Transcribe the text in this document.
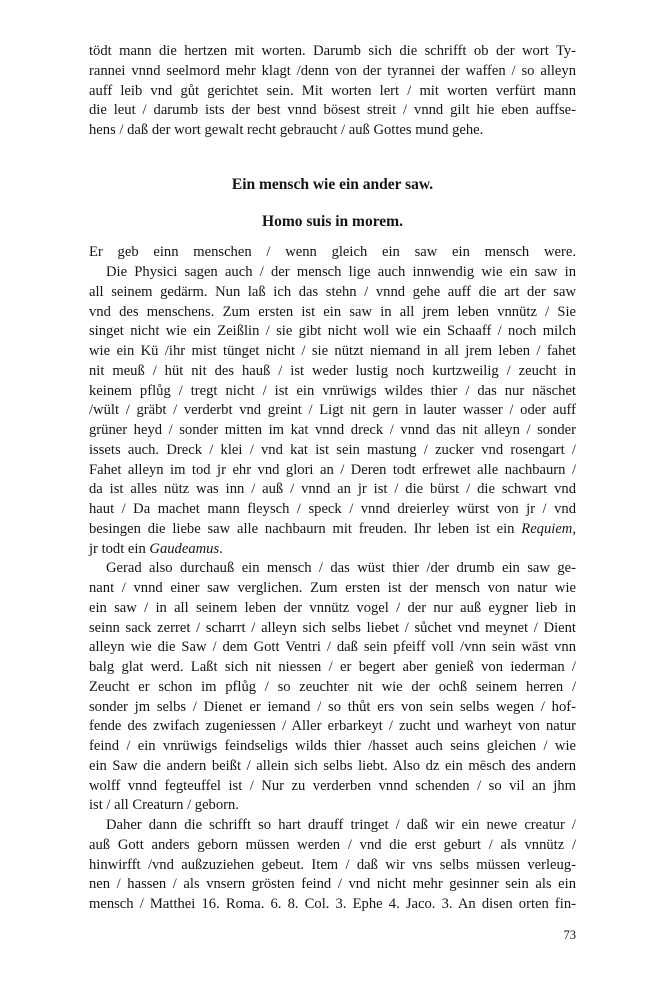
tödt mann die hertzen mit worten. Darumb sich die schrifft ob der wort Ty-
rannei vnnd seelmord mehr klagt /denn von der tyrannei der waffen / so alleyn
auff leib vnd gůt gerichtet sein. Mit worten lert / mit worten verfürt mann
die leut / darumb ists der best vnnd bösest streit / vnnd gilt hie eben auffse-
hens / daß der wort gewalt recht gebraucht / auß Gottes mund gehe.
Ein mensch wie ein ander saw.
Homo suis in morem.
Er geb einn menschen / wenn gleich ein saw ein mensch were.
Die Physici sagen auch / der mensch lige auch innwendig wie ein saw in
all seinem gedärm. Nun laß ich das stehn / vnnd gehe auff die art der saw
vnd des menschens. Zum ersten ist ein saw in all jrem leben vnnütz / Sie
singet nicht wie ein Zeißlin / sie gibt nicht woll wie ein Schaaff / noch milch
wie ein Kü /ihr mist tünget nicht / sie nützt niemand in all jrem leben / fahet
nit meuß / hüt nit des hauß / ist weder lustig noch kurtzweilig / zeucht in
keinem pflůg / tregt nicht / ist ein vnrüwigs wildes thier / das nur näschet
/wült / gräbt / verderbt vnd greint / Ligt nit gern in lauter wasser / oder auff
grüner heyd / sonder mitten im kat vnnd dreck / vnnd das nit alleyn / sonder
issets auch. Dreck / klei / vnd kat ist sein mastung / zucker vnd rosengart /
Fahet alleyn im tod jr ehr vnd glori an / Deren todt erfrewet alle nachbaurn /
da ist alles nütz was inn / auß / vnnd an jr ist / die bürst / die schwart vnd
haut / Da machet mann fleysch / speck / vnnd dreierley würst von jr / vnd
besingen die liebe saw alle nachbaurn mit freuden. Ihr leben ist ein Requiem,
jr todt ein Gaudeamus.
Gerad also durchauß ein mensch / das wüst thier /der drumb ein saw ge-
nant / vnnd einer saw verglichen. Zum ersten ist der mensch von natur wie
ein saw / in all seinem leben der vnnütz vogel / der nur auß eygner lieb in
seinn sack zerret / scharrt / alleyn sich selbs liebet / sůchet vnd meynet / Dient
alleyn wie die Saw / dem Gott Ventri / daß sein pfeiff voll /vnn sein wāst vnn
balg glat werd. Laßt sich nit niessen / er begert aber genieß von iederman /
Zeucht er schon im pflůg / so zeuchter nit wie der ochß seinem herren /
sonder jm selbs / Dienet er iemand / so thůt ers von sein selbs wegen / hof-
fende des zwifach zugeniessen / Aller erbarkeyt / zucht und warheyt von natur
feind / ein vnrüwigs feindseligs wilds thier /hasset auch seins gleichen / wie
ein Saw die andern beißt / allein sich selbs liebt. Also dz ein mēsch des andern
wolff vnnd fegteuffel ist / Nur zu verderben vnnd schenden / so vil an jhm
ist / all Creaturn / geborn.
Daher dann die schrifft so hart drauff tringet / daß wir ein newe creatur /
auß Gott anders geborn müssen werden / vnd die erst geburt / als vnnütz /
hinwirfft /vnd außzuziehen gebeut. Item / daß wir vns selbs müssen verleug-
nen / hassen / als vnsern grösten feind / vnd nicht mehr gesinner sein als ein
mensch / Matthei 16. Roma. 6. 8. Col. 3. Ephe 4. Jaco. 3. An disen orten fin-
73
